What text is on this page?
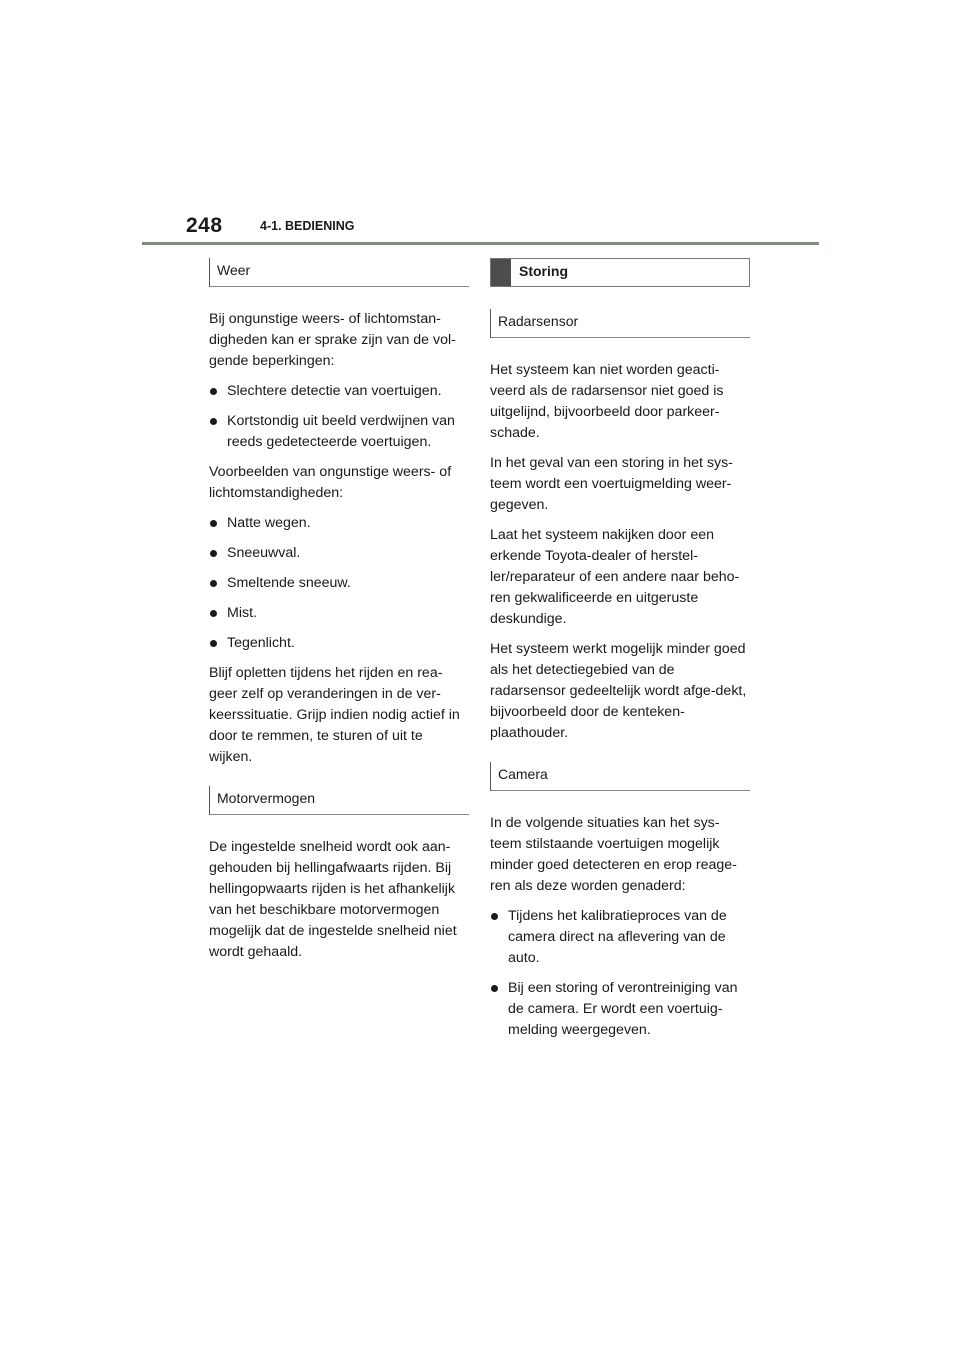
248	4-1. BEDIENING
Weer

Bij ongunstige weers- of lichtomstan-digheden kan er sprake zijn van de vol-gende beperkingen:

Slechtere detectie van voertuigen.
Kortstondig uit beeld verdwijnen van reeds gedetecteerde voertuigen.

Voorbeelden van ongunstige weers- of lichtomstandigheden:

Natte wegen.
Sneeuwval.
Smeltende sneeuw.
Mist.
Tegenlicht.

Blijf opletten tijdens het rijden en rea-geer zelf op veranderingen in de ver-keerssituatie. Grijp indien nodig actief in door te remmen, te sturen of uit te wijken.

Motorvermogen

De ingestelde snelheid wordt ook aan-gehouden bij hellingafwaarts rijden. Bij hellingopwaarts rijden is het afhankelijk van het beschikbare motorvermogen mogelijk dat de ingestelde snelheid niet wordt gehaald.

Storing
Radarsensor

Het systeem kan niet worden geacti-veerd als de radarsensor niet goed is uitgelijnd, bijvoorbeeld door parkeer-schade.

In het geval van een storing in het sys-teem wordt een voertuigmelding weer-gegeven.

Laat het systeem nakijken door een erkende Toyota-dealer of herstel-ler/reparateur of een andere naar beho-ren gekwalificeerde en uitgeruste deskundige.

Het systeem werkt mogelijk minder goed als het detectiegebied van de radarsensor gedeeltelijk wordt afge-dekt, bijvoorbeeld door de kenteken-plaathouder.

Camera

In de volgende situaties kan het sys-teem stilstaande voertuigen mogelijk minder goed detecteren en erop reage-ren als deze worden genaderd:

Tijdens het kalibratieproces van de camera direct na aflevering van de auto.
Bij een storing of verontreiniging van de camera. Er wordt een voertuig-melding weergegeven.
